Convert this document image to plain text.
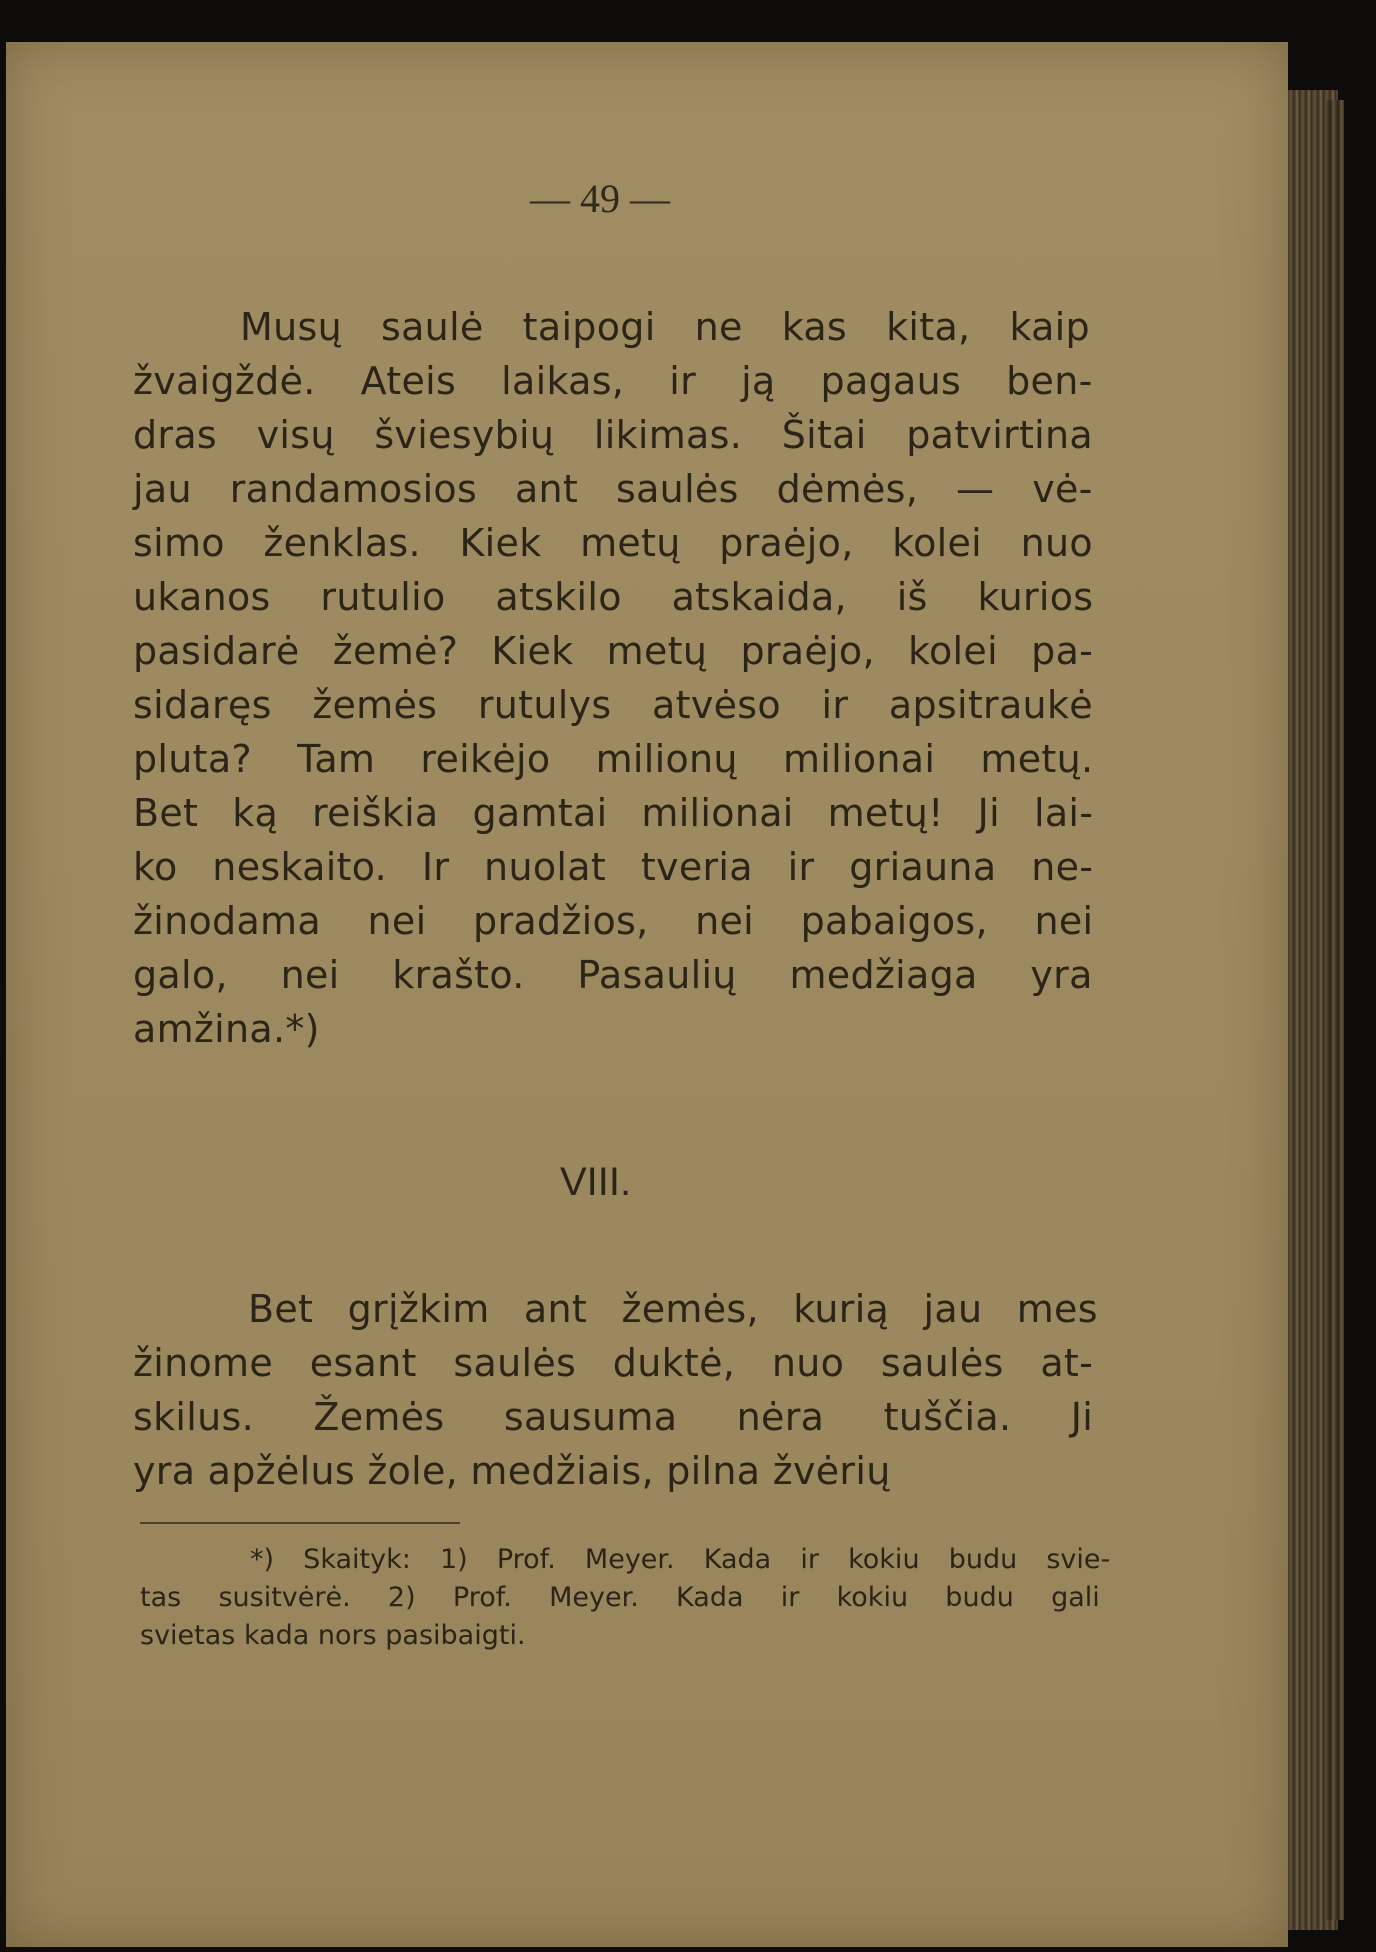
— 49 —
Musų saulė taipogi ne kas kita, kaip
žvaigždė. Ateis laikas, ir ją pagaus ben-
dras visų šviesybių likimas. Šitai patvirtina
jau randamosios ant saulės dėmės, — vė-
simo ženklas. Kiek metų praėjo, kolei nuo
ukanos rutulio atskilo atskaida, iš kurios
pasidarė žemė? Kiek metų praėjo, kolei pa-
sidaręs žemės rutulys atvėso ir apsitraukė
pluta? Tam reikėjo milionų milionai metų.
Bet ką reiškia gamtai milionai metų! Ji lai-
ko neskaito. Ir nuolat tveria ir griauna ne-
žinodama nei pradžios, nei pabaigos, nei
galo, nei krašto. Pasaulių medžiaga yra
amžina.*)
VIII.
Bet grįžkim ant žemės, kurią jau mes
žinome esant saulės duktė, nuo saulės at-
skilus. Žemės sausuma nėra tuščia. Ji
yra apžėlus žole, medžiais, pilna žvėrių
*) Skaityk: 1) Prof. Meyer. Kada ir kokiu budu svie-
tas susitvėrė. 2) Prof. Meyer. Kada ir kokiu budu gali
svietas kada nors pasibaigti.
